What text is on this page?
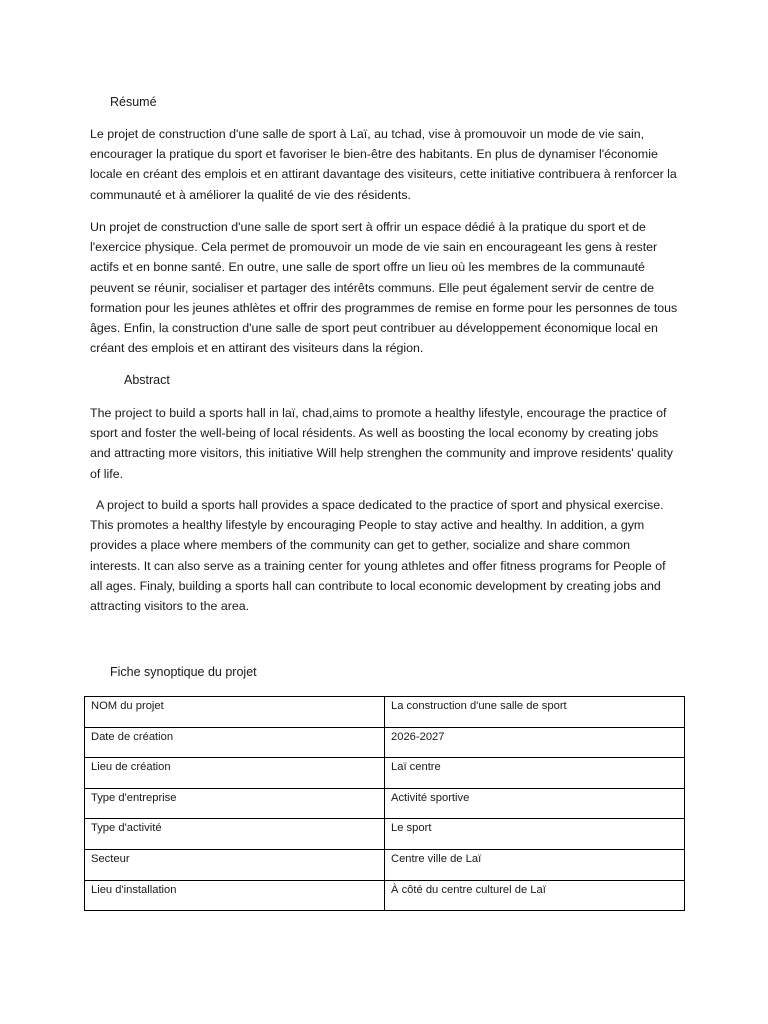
Résumé

Le projet de construction d'une salle de sport à Laï, au tchad, vise à promouvoir un mode de vie sain, encourager la pratique du sport et favoriser le bien-être des habitants. En plus de dynamiser l'économie locale en créant des emplois et en attirant davantage des visiteurs, cette initiative contribuera à renforcer la communauté et à améliorer la qualité de vie des résidents.

Un projet de construction d'une salle de sport sert à offrir un espace dédié à la pratique du sport et de l'exercice physique. Cela permet de promouvoir un mode de vie sain en encourageant les gens à rester actifs et en bonne santé. En outre, une salle de sport offre un lieu où les membres de la communauté peuvent se réunir, socialiser et partager des intérêts communs. Elle peut également servir de centre de formation pour les jeunes athlètes et offrir des programmes de remise en forme pour les personnes de tous âges. Enfin, la construction d'une salle de sport peut contribuer au développement économique local en créant des emplois et en attirant des visiteurs dans la région.

Abstract

The project to build a sports hall in laï, chad,aims to promote a healthy lifestyle, encourage the practice of sport and foster the well-being of local résidents. As well as boosting the local economy by creating jobs and attracting more visitors, this initiative Will help strenghen the community and improve residents' quality of life.

A project to build a sports hall provides a space dedicated to the practice of sport and physical exercise. This promotes a healthy lifestyle by encouraging People to stay active and healthy. In addition, a gym provides a place where members of the community can get to gether, socialize and share common interests. It can also serve as a training center for young athletes and offer fitness programs for People of all ages. Finaly, building a sports hall can contribute to local economic development by creating jobs and attracting visitors to the area.

Fiche synoptique du projet
NOM du projet	La construction d'une salle de sport
Date de création	2026-2027
Lieu de création	Laï centre
Type d'entreprise	Activité sportive
Type d'activité	Le sport
Secteur	Centre ville de Laï
Lieu d'installation	À côté du centre culturel de Laï
